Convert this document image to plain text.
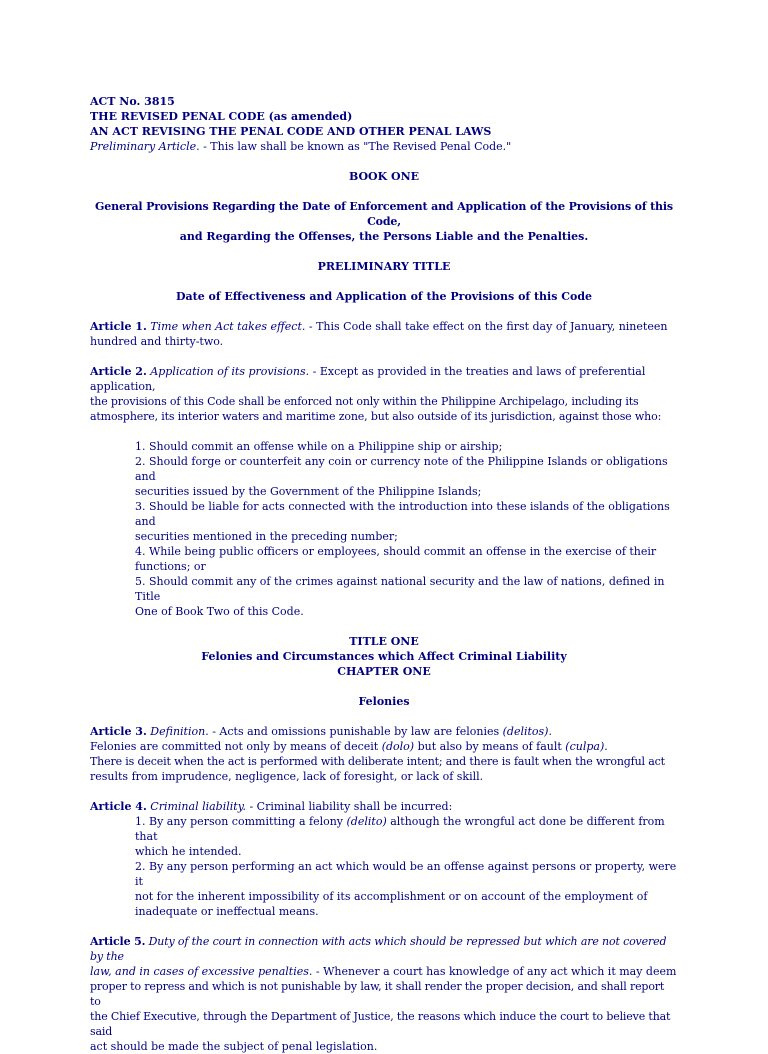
ACT No. 3815

THE REVISED PENAL CODE (as amended)

AN ACT REVISING THE PENAL CODE AND OTHER PENAL LAWS

Preliminary Article. - This law shall be known as "The Revised Penal Code."

BOOK ONE

General Provisions Regarding the Date of Enforcement and Application of the Provisions of this Code,

and Regarding the Offenses, the Persons Liable and the Penalties.

PRELIMINARY TITLE

Date of Effectiveness and Application of the Provisions of this Code

Article 1. Time when Act takes effect. - This Code shall take effect on the first day of January, nineteen

hundred and thirty-two.

Article 2. Application of its provisions. - Except as provided in the treaties and laws of preferential application,

the provisions of this Code shall be enforced not only within the Philippine Archipelago, including its

atmosphere, its interior waters and maritime zone, but also outside of its jurisdiction, against those who:

1. Should commit an offense while on a Philippine ship or airship;

2. Should forge or counterfeit any coin or currency note of the Philippine Islands or obligations and

securities issued by the Government of the Philippine Islands;

3. Should be liable for acts connected with the introduction into these islands of the obligations and

securities mentioned in the preceding number;

4. While being public officers or employees, should commit an offense in the exercise of their

functions; or

5. Should commit any of the crimes against national security and the law of nations, defined in Title

One of Book Two of this Code.

TITLE ONE

Felonies and Circumstances which Affect Criminal Liability

CHAPTER ONE

Felonies

Article 3. Definition. - Acts and omissions punishable by law are felonies (delitos).

Felonies are committed not only by means of deceit (dolo) but also by means of fault (culpa).

There is deceit when the act is performed with deliberate intent; and there is fault when the wrongful act

results from imprudence, negligence, lack of foresight, or lack of skill.

Article 4. Criminal liability. - Criminal liability shall be incurred:

1. By any person committing a felony (delito) although the wrongful act done be different from that

which he intended.

2. By any person performing an act which would be an offense against persons or property, were it

not for the inherent impossibility of its accomplishment or on account of the employment of

inadequate or ineffectual means.

Article 5. Duty of the court in connection with acts which should be repressed but which are not covered by the

law, and in cases of excessive penalties. - Whenever a court has knowledge of any act which it may deem

proper to repress and which is not punishable by law, it shall render the proper decision, and shall report to

the Chief Executive, through the Department of Justice, the reasons which induce the court to believe that said

act should be made the subject of penal legislation.
